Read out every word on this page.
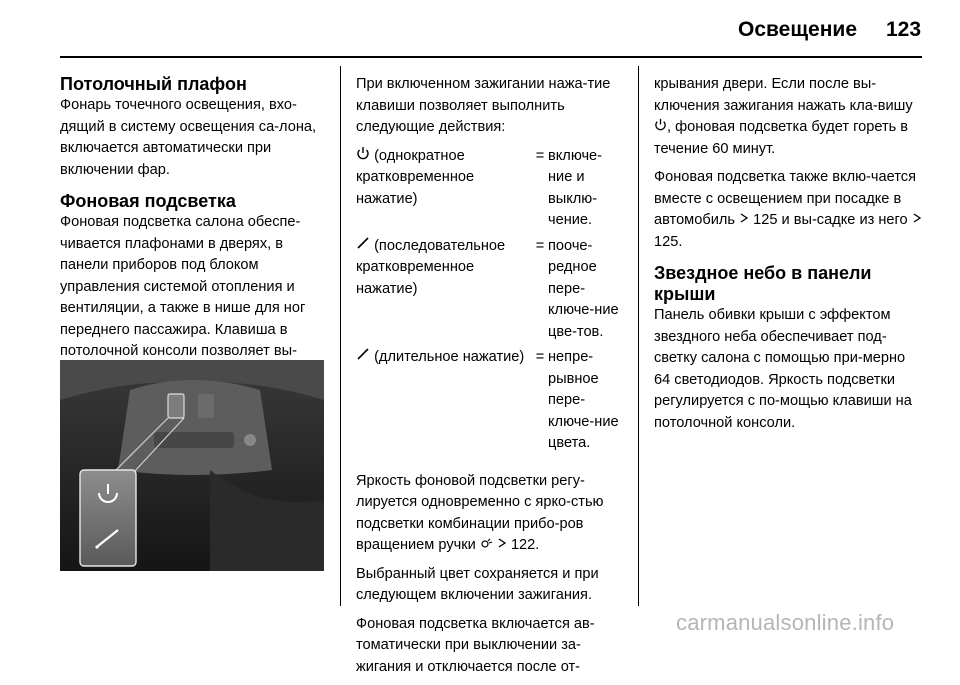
Освещение 123
Потолочный плафон

Фонарь точечного освещения, вхо-дящий в систему освещения са-лона, включается автоматически при включении фар.

Фоновая подсветка

Фоновая подсветка салона обеспе-чивается плафонами в дверях, в панели приборов под блоком управления системой отопления и вентиляции, а также в нише для ног переднего пассажира. Клавиша в потолочной консоли позволяет вы-

При включенном зажигании нажа-тие клавиши позволяет выполнить следующие действия:

(однократное кратковременное нажатие)	=	включе-ние и выклю-чение.
(последовательное кратковременное нажатие)	=	пооче-редное пере-ключе-ние цве-тов.
(длительное нажатие)	=	непре-рывное пере-ключе-ние цвета.

Яркость фоновой подсветки регу-лируется одновременно с ярко-стью подсветки комбинации прибо-ров вращением ручки 122.

Выбранный цвет сохраняется и при следующем включении зажигания.

Фоновая подсветка включается ав-томатически при выключении за-жигания и отключается после от-

крывания двери. Если после вы-ключения зажигания нажать кла-вишу , фоновая подсветка будет гореть в течение 60 минут.

Фоновая подсветка также вклю-чается вместе с освещением при посадке в автомобиль 125 и вы-садке из него  125.

Звездное небо в панели крыши

Панель обивки крыши с эффектом звездного неба обеспечивает под-светку салона с помощью при-мерно 64 светодиодов. Яркость подсветки регулируется с по-мощью клавиши на потолочной консоли.

carmanualsonline.info
